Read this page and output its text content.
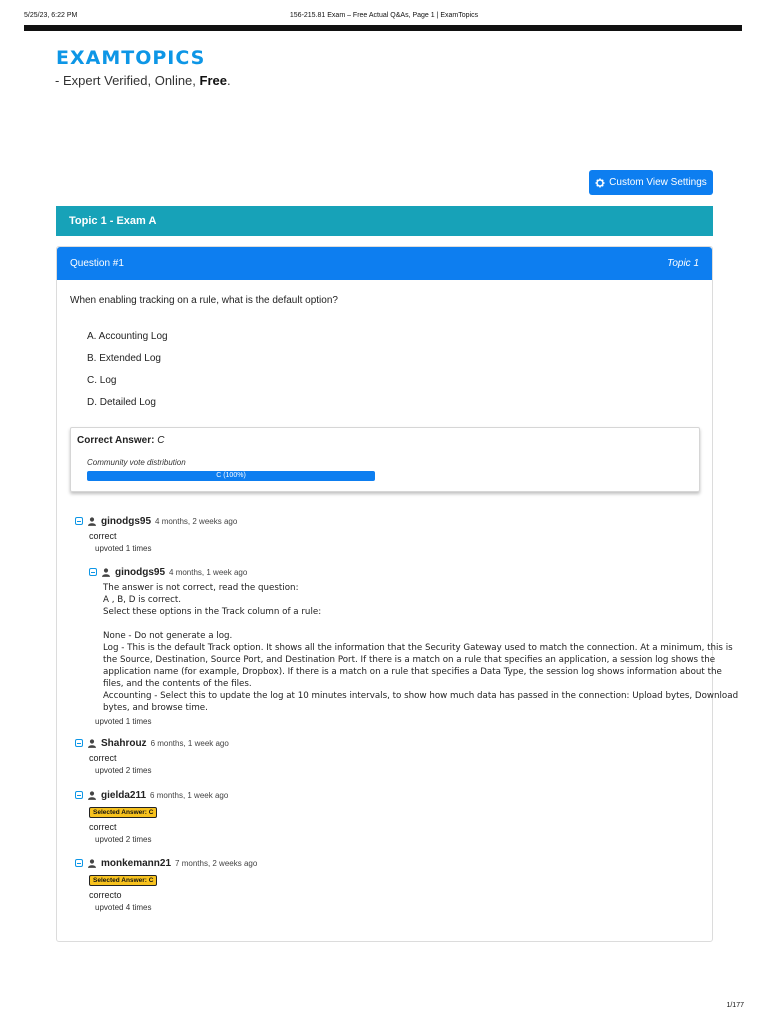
5/25/23, 6:22 PM	156-215.81 Exam – Free Actual Q&As, Page 1 | ExamTopics
EXAMTOPICS
- Expert Verified, Online, Free.
Custom View Settings
Topic 1 - Exam A
Question #1	Topic 1
When enabling tracking on a rule, what is the default option?
A. Accounting Log
B. Extended Log
C. Log
D. Detailed Log
Correct Answer: C
Community vote distribution
C (100%)
ginodgs95 4 months, 2 weeks ago
correct
upvoted 1 times
ginodgs95 4 months, 1 week ago
The answer is not correct, read the question:
A , B, D is correct.
Select these options in the Track column of a rule:
None - Do not generate a log.
Log - This is the default Track option. It shows all the information that the Security Gateway used to match the connection. At a minimum, this is the Source, Destination, Source Port, and Destination Port. If there is a match on a rule that specifies an application, a session log shows the application name (for example, Dropbox). If there is a match on a rule that specifies a Data Type, the session log shows information about the files, and the contents of the files.
Accounting - Select this to update the log at 10 minutes intervals, to show how much data has passed in the connection: Upload bytes, Download bytes, and browse time.
upvoted 1 times
Shahrouz 6 months, 1 week ago
correct
upvoted 2 times
gielda211 6 months, 1 week ago
Selected Answer: C
correct
upvoted 2 times
monkemann21 7 months, 2 weeks ago
Selected Answer: C
correcto
upvoted 4 times
1/177
